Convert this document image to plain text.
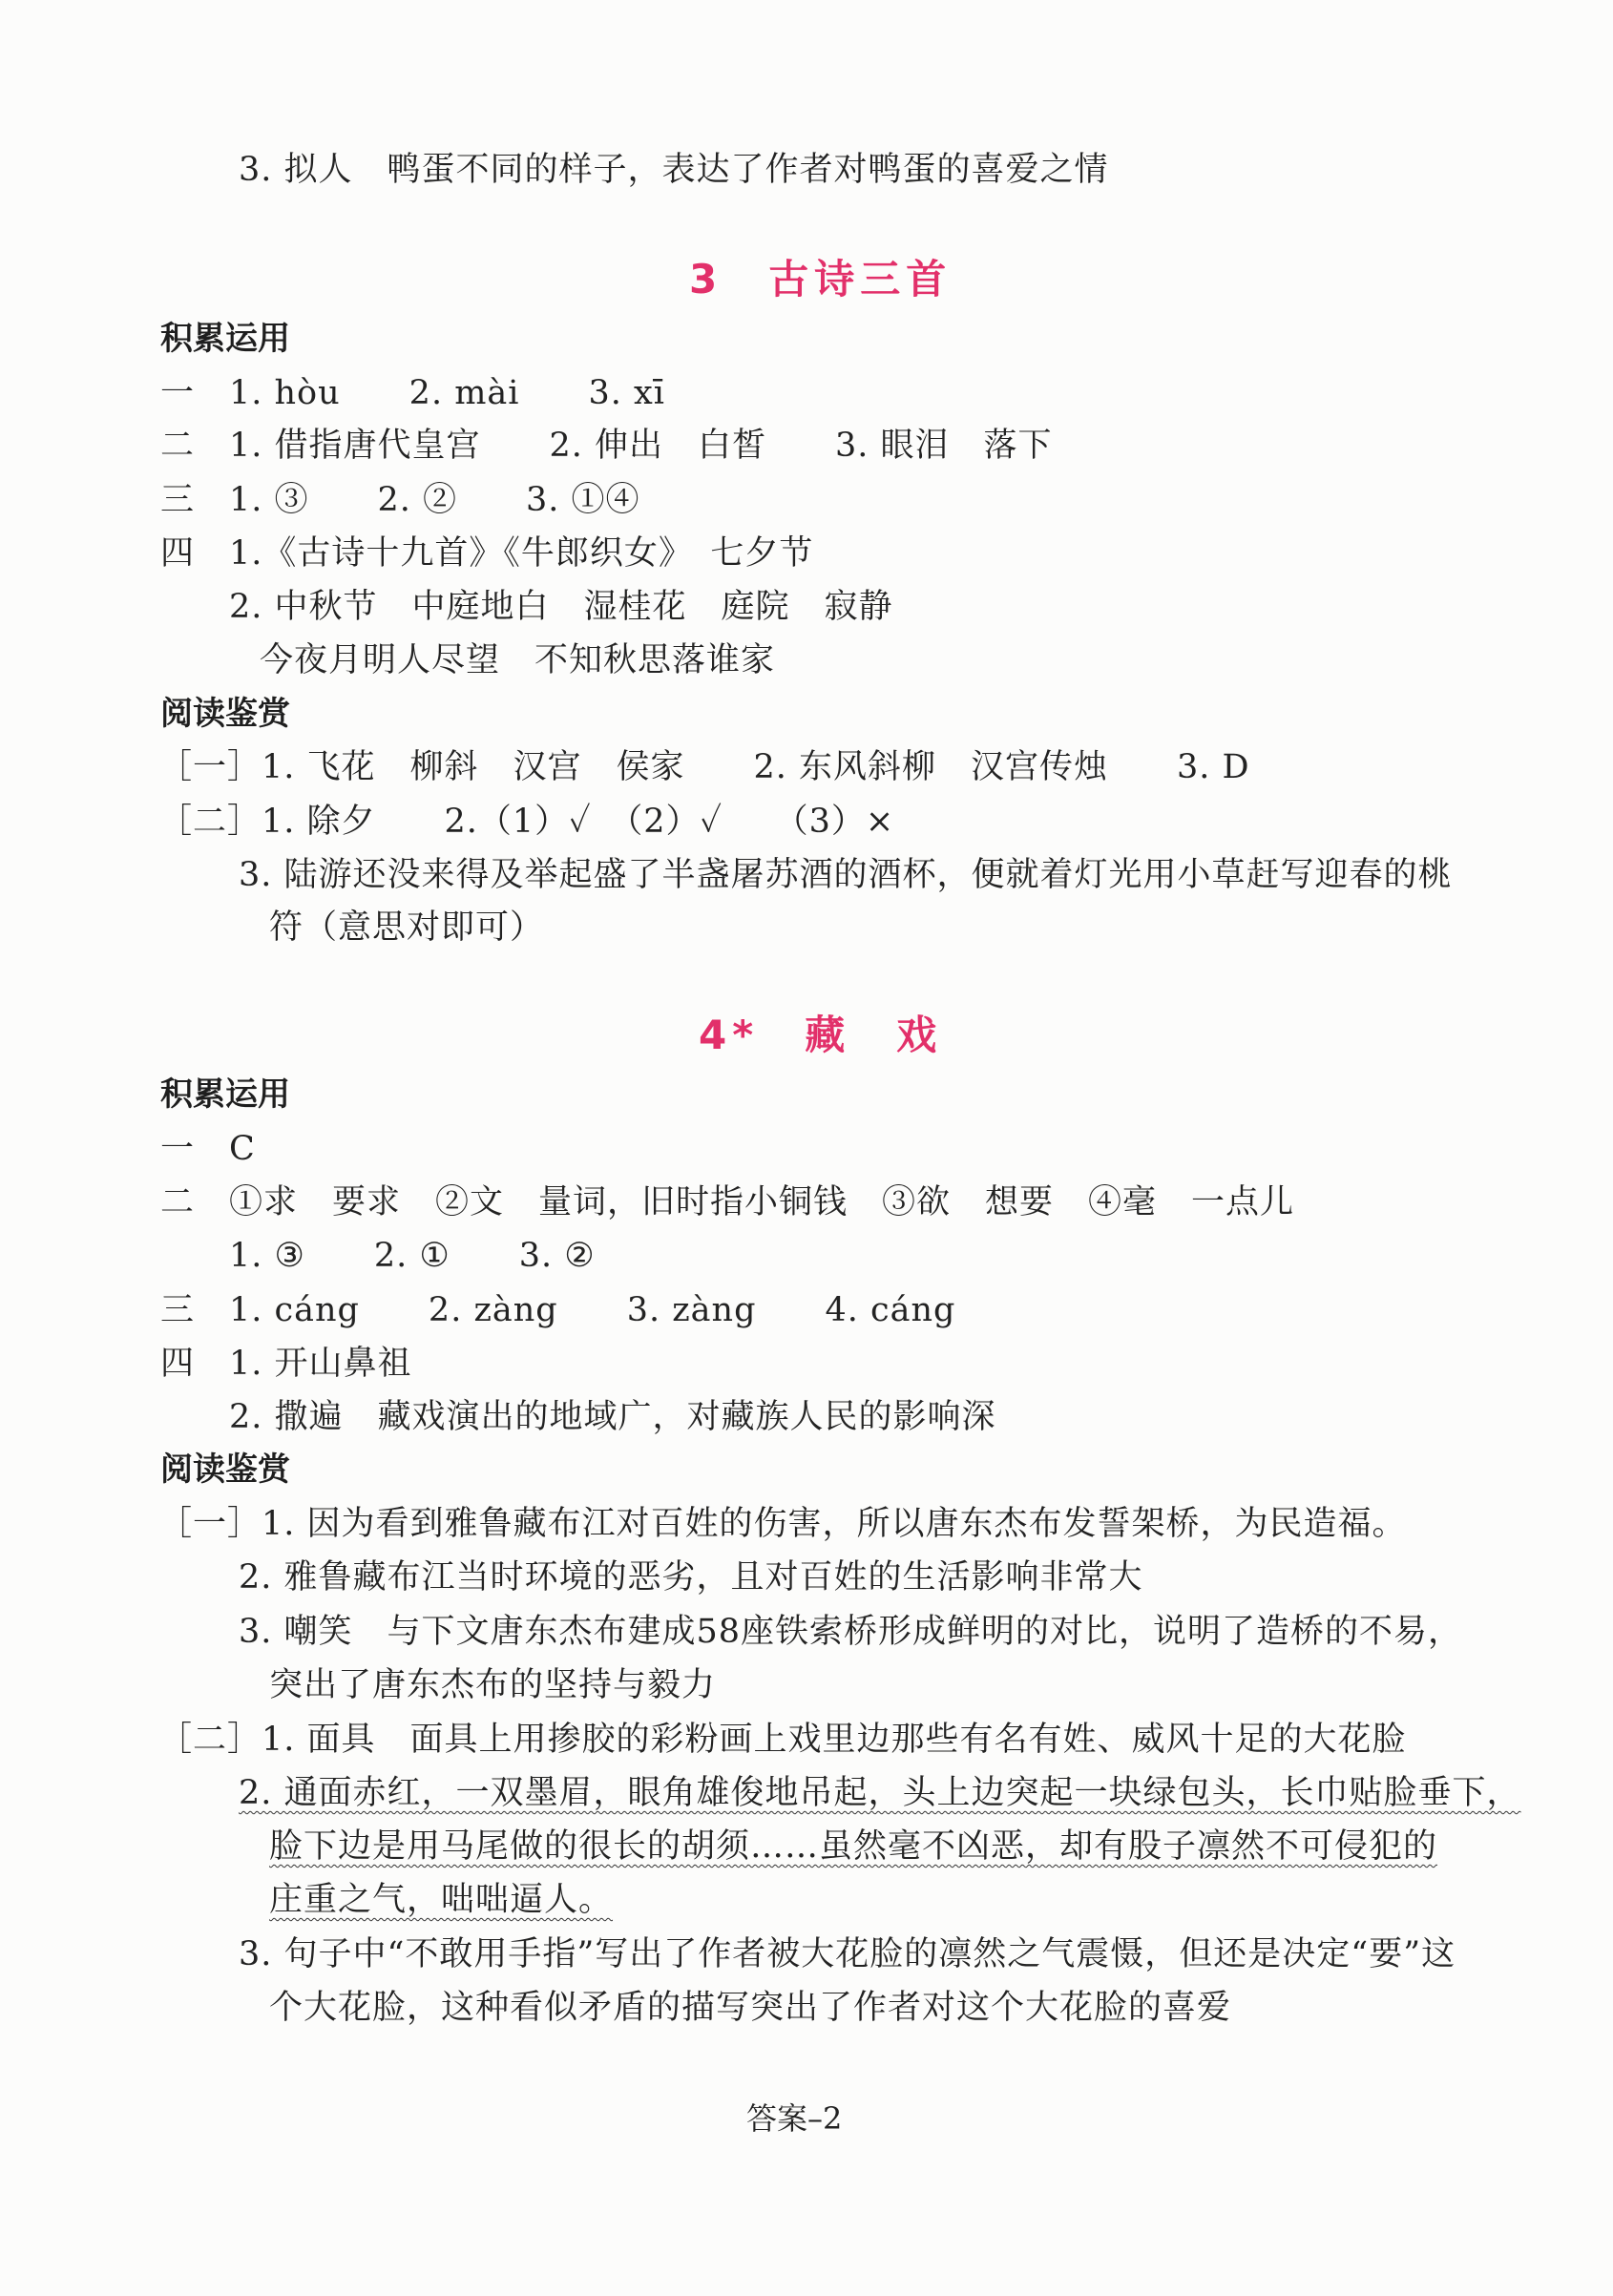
3. 拟人　鸭蛋不同的样子，表达了作者对鸭蛋的喜爱之情
3　古诗三首
积累运用
一　1. hòu　　2. mài　　3. xī
二　1. 借指唐代皇宫　　2. 伸出　白皙　　3. 眼泪　落下
三　1. ③　　2. ②　　3. ①④
四　1.《古诗十九首》《牛郎织女》　七夕节
2. 中秋节　中庭地白　湿桂花　庭院　寂静
今夜月明人尽望　不知秋思落谁家
阅读鉴赏
［一］1. 飞花　柳斜　汉宫　侯家　　2. 东风斜柳　汉宫传烛　　3. D
［二］1. 除夕　　2.（1）✓　（2）✓　　（3）×
3. 陆游还没来得及举起盛了半盏屠苏酒的酒杯，便就着灯光用小草赶写迎春的桃
符（意思对即可）
4*　藏　戏
积累运用
一　C
二　①求　要求　②文　量词，旧时指小铜钱　③欲　想要　④毫　一点儿
1. ③　　2. ①　　3. ②
三　1. cáng　　2. zàng　　3. zàng　　4. cáng
四　1. 开山鼻祖
2. 撒遍　藏戏演出的地域广，对藏族人民的影响深
阅读鉴赏
［一］1. 因为看到雅鲁藏布江对百姓的伤害，所以唐东杰布发誓架桥，为民造福。
2. 雅鲁藏布江当时环境的恶劣，且对百姓的生活影响非常大
3. 嘲笑　与下文唐东杰布建成58座铁索桥形成鲜明的对比，说明了造桥的不易，
突出了唐东杰布的坚持与毅力
［二］1. 面具　面具上用掺胶的彩粉画上戏里边那些有名有姓、威风十足的大花脸
2. 通面赤红，一双墨眉，眼角雄俊地吊起，头上边突起一块绿包头，长巾贴脸垂下，
脸下边是用马尾做的很长的胡须……虽然毫不凶恶，却有股子凛然不可侵犯的
庄重之气，咄咄逼人。
3. 句子中“不敢用手指”写出了作者被大花脸的凛然之气震慑，但还是决定“要”这
个大花脸，这种看似矛盾的描写突出了作者对这个大花脸的喜爱
答案–2
